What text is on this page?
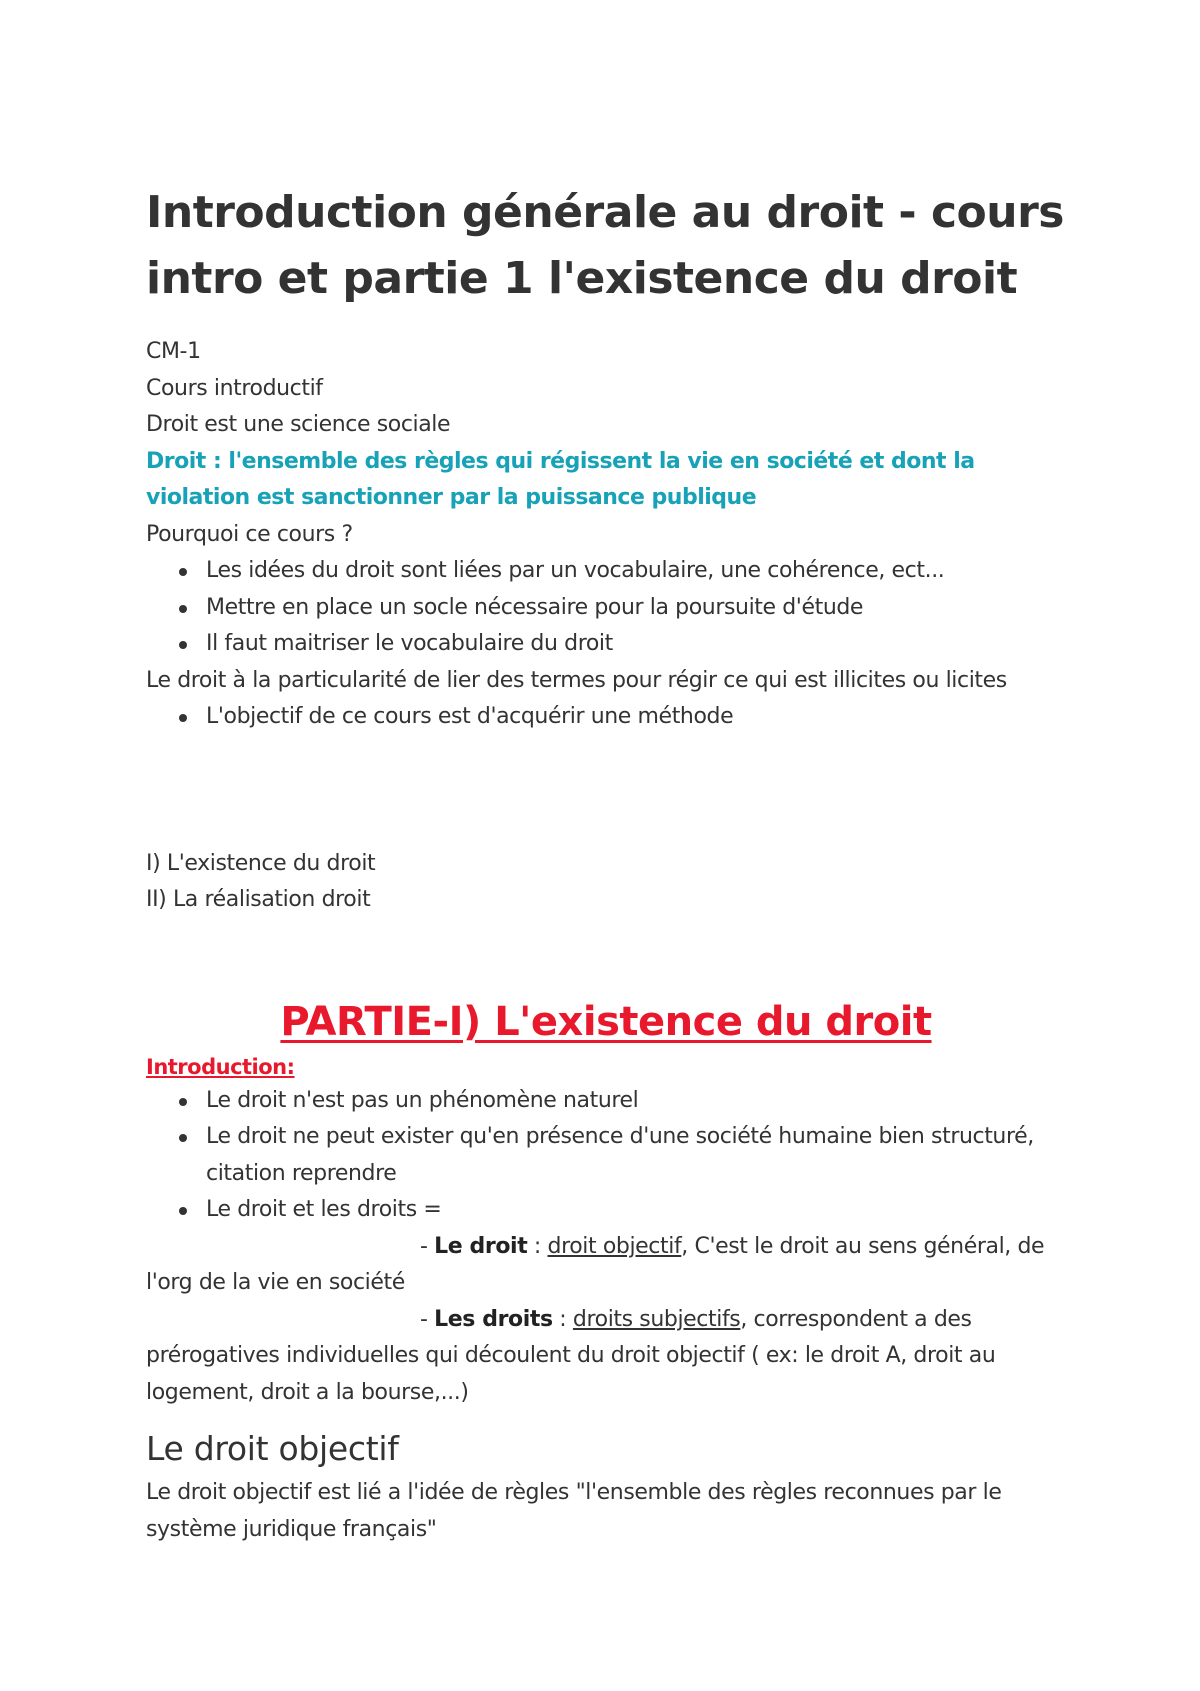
Introduction générale au droit - cours intro et partie 1 l'existence du droit

CM-1

Cours introductif

Droit est une science sociale

Droit : l'ensemble des règles qui régissent la vie en société et dont la violation est sanctionner par la puissance publique

Pourquoi ce cours ?

Les idées du droit sont liées par un vocabulaire, une cohérence, ect...
Mettre en place un socle nécessaire pour la poursuite d'étude
Il faut maitriser le vocabulaire du droit

Le droit à la particularité de lier des termes pour régir ce qui est illicites ou licites

L'objectif de ce cours est d'acquérir une méthode

I) L'existence du droit

II) La réalisation droit

PARTIE-I) L'existence du droit

Introduction:

Le droit n'est pas un phénomène naturel
Le droit ne peut exister qu'en présence d'une société humaine bien structuré, citation reprendre
Le droit et les droits =

- Le droit : droit objectif, C'est le droit au sens général, de

l'org de la vie en société

- Les droits : droits subjectifs, correspondent a des

prérogatives individuelles qui découlent du droit objectif ( ex: le droit A, droit au

logement, droit a la bourse,...)

Le droit objectif

Le droit objectif est lié a l'idée de règles "l'ensemble des règles reconnues par le système juridique français"
